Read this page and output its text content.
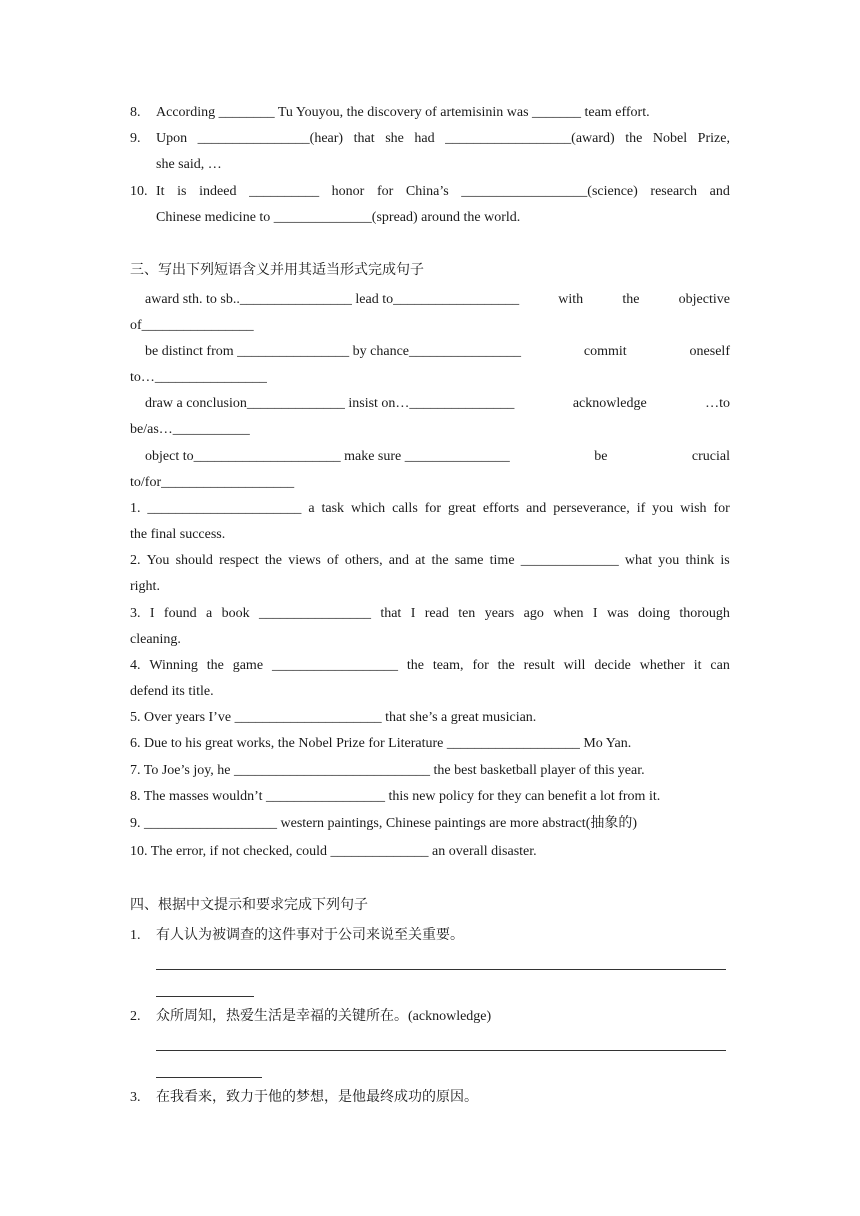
8. According ________ Tu Youyou, the discovery of artemisinin was _______ team effort.
9. Upon ________________(hear) that she had __________________(award) the Nobel Prize,
she said, …
10. It is indeed __________ honor for China’s __________________(science) research and
Chinese medicine to ______________(spread) around the world.
三、写出下列短语含义并用其适当形式完成句子
award sth. to sb..________________ lead to__________________	with	the	objective
of________________
be distinct from ________________ by chance________________	commit	oneself
to…________________
draw a conclusion______________ insist on…_______________	acknowledge	…to
be/as…___________
object to_____________________ make sure _______________	be	crucial
to/for___________________
1. ______________________ a task which calls for great efforts and perseverance, if you wish for
the final success.
2. You should respect the views of others, and at the same time ______________ what you think is
right.
3. I found a book ________________ that I read ten years ago when I was doing thorough
cleaning.
4. Winning the game __________________ the team, for the result will decide whether it can
defend its title.
5. Over years I’ve _____________________ that she’s a great musician.
6. Due to his great works, the Nobel Prize for Literature ___________________ Mo Yan.
7. To Joe’s joy, he ____________________________ the best basketball player of this year.
8. The masses wouldn’t _________________ this new policy for they can benefit a lot from it.
9. ___________________ western paintings, Chinese paintings are more abstract(抽象的)
10. The error, if not checked, could ______________ an overall disaster.
四、根据中文提示和要求完成下列句子
1. 有人认为被调查的这件事对于公司来说至关重要。
2. 众所周知，热爱生活是幸福的关键所在。(acknowledge)
3. 在我看来，致力于他的梦想，是他最终成功的原因。
